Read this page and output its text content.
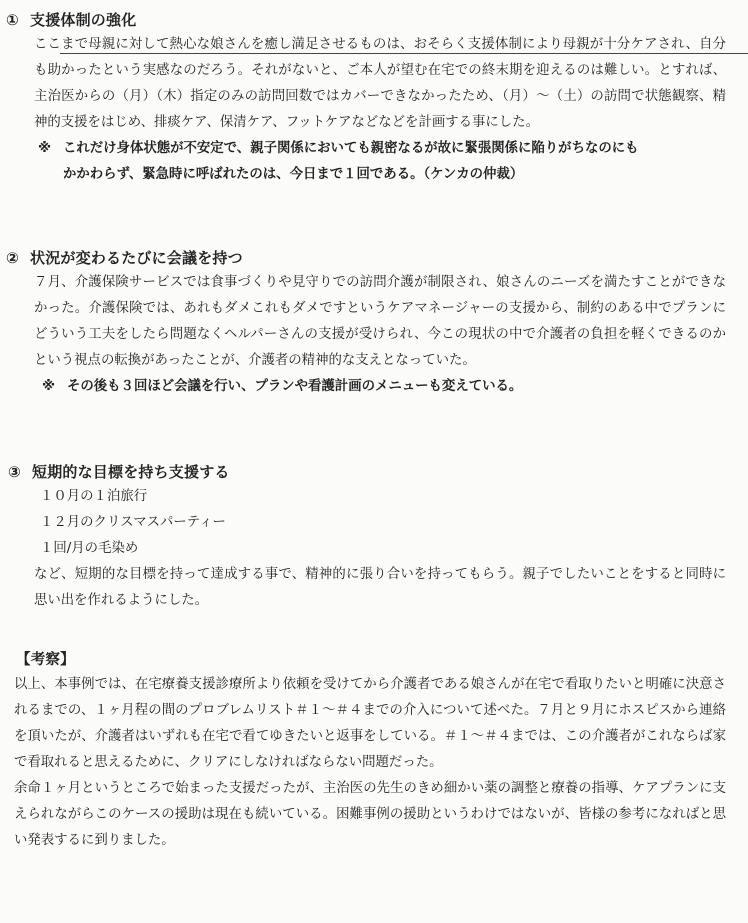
① 支援体制の強化

ここまで母親に対して熱心な娘さんを癒し満足させるものは、おそらく支援体制により母親が十分ケアされ、自分も助かったという実感なのだろう。それがないと、ご本人が望む在宅での終末期を迎えるのは難しい。とすれば、主治医からの（月）（木）指定のみの訪問回数ではカバーできなかったため、（月）～（土）の訪問で状態観察、精神的支援をはじめ、排痰ケア、保清ケア、フットケアなどなどを計画する事にした。

※ これだけ身体状態が不安定で、親子関係においても親密なるが故に緊張関係に陥りがちなのにも
かかわらず、緊急時に呼ばれたのは、今日まで１回である。（ケンカの仲裁）
② 状況が変わるたびに会議を持つ

７月、介護保険サービスでは食事づくりや見守りでの訪問介護が制限され、娘さんのニーズを満たすことができなかった。介護保険では、あれもダメこれもダメですというケアマネージャーの支援から、制約のある中でプランにどういう工夫をしたら問題なくヘルパーさんの支援が受けられ、今この現状の中で介護者の負担を軽くできるのかという視点の転換があったことが、介護者の精神的な支えとなっていた。

※ その後も３回ほど会議を行い、プランや看護計画のメニューも変えている。
③ 短期的な目標を持ち支援する
１０月の１泊旅行
１２月のクリスマスパーティー
１回/月の毛染め

など、短期的な目標を持って達成する事で、精神的に張り合いを持ってもらう。親子でしたいことをすると同時に思い出を作れるようにした。

【考察】

以上、本事例では、在宅療養支援診療所より依頼を受けてから介護者である娘さんが在宅で看取りたいと明確に決意されるまでの、１ヶ月程の間のプロブレムリスト＃１～＃４までの介入について述べた。７月と９月にホスピスから連絡を頂いたが、介護者はいずれも在宅で看てゆきたいと返事をしている。＃１～＃４までは、この介護者がこれならば家で看取れると思えるために、クリアにしなければならない問題だった。

余命１ヶ月というところで始まった支援だったが、主治医の先生のきめ細かい薬の調整と療養の指導、ケアプランに支えられながらこのケースの援助は現在も続いている。困難事例の援助というわけではないが、皆様の参考になればと思い発表するに到りました。
